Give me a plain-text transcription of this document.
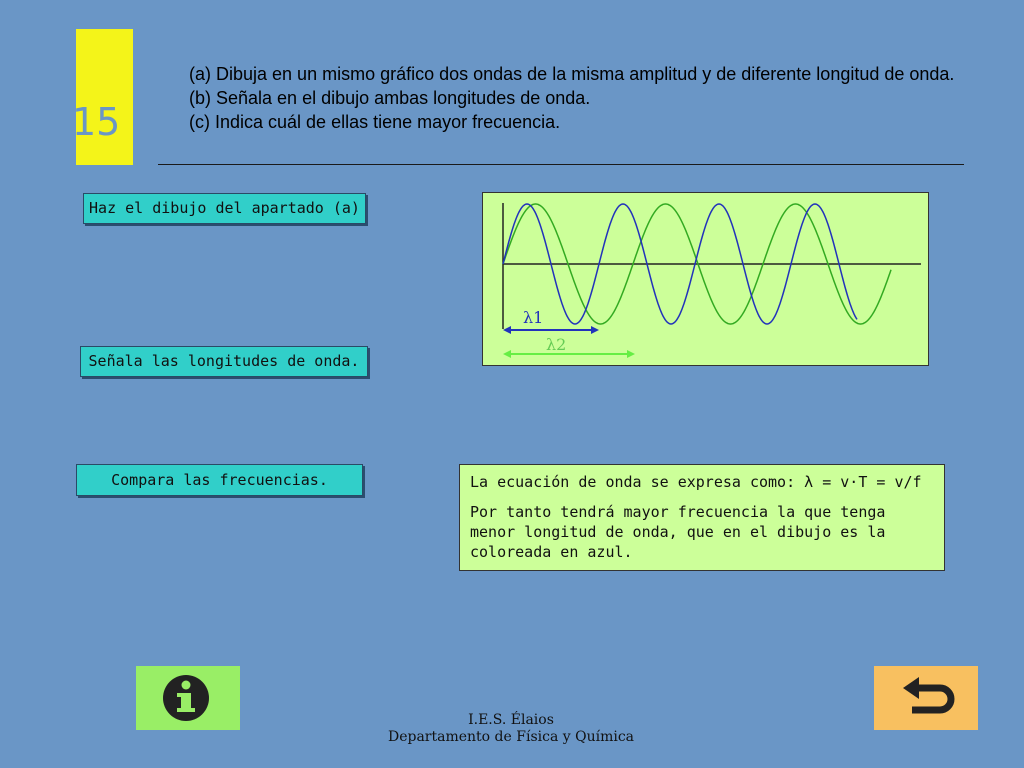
15
(a) Dibuja en un mismo gráfico dos ondas de la misma amplitud y de diferente longitud de onda.
(b) Señala en el dibujo ambas longitudes de onda.
(c) Indica cuál de ellas tiene mayor frecuencia.
Haz el dibujo del apartado (a)
Señala las longitudes de onda.
Compara las frecuencias.
λ1
λ2

La ecuación de onda se expresa como: λ = v·T = v/f

Por tanto tendrá mayor frecuencia la que tenga menor longitud de onda, que en el dibujo es la coloreada en azul.

I.E.S. Élaios
Departamento de Física y Química
